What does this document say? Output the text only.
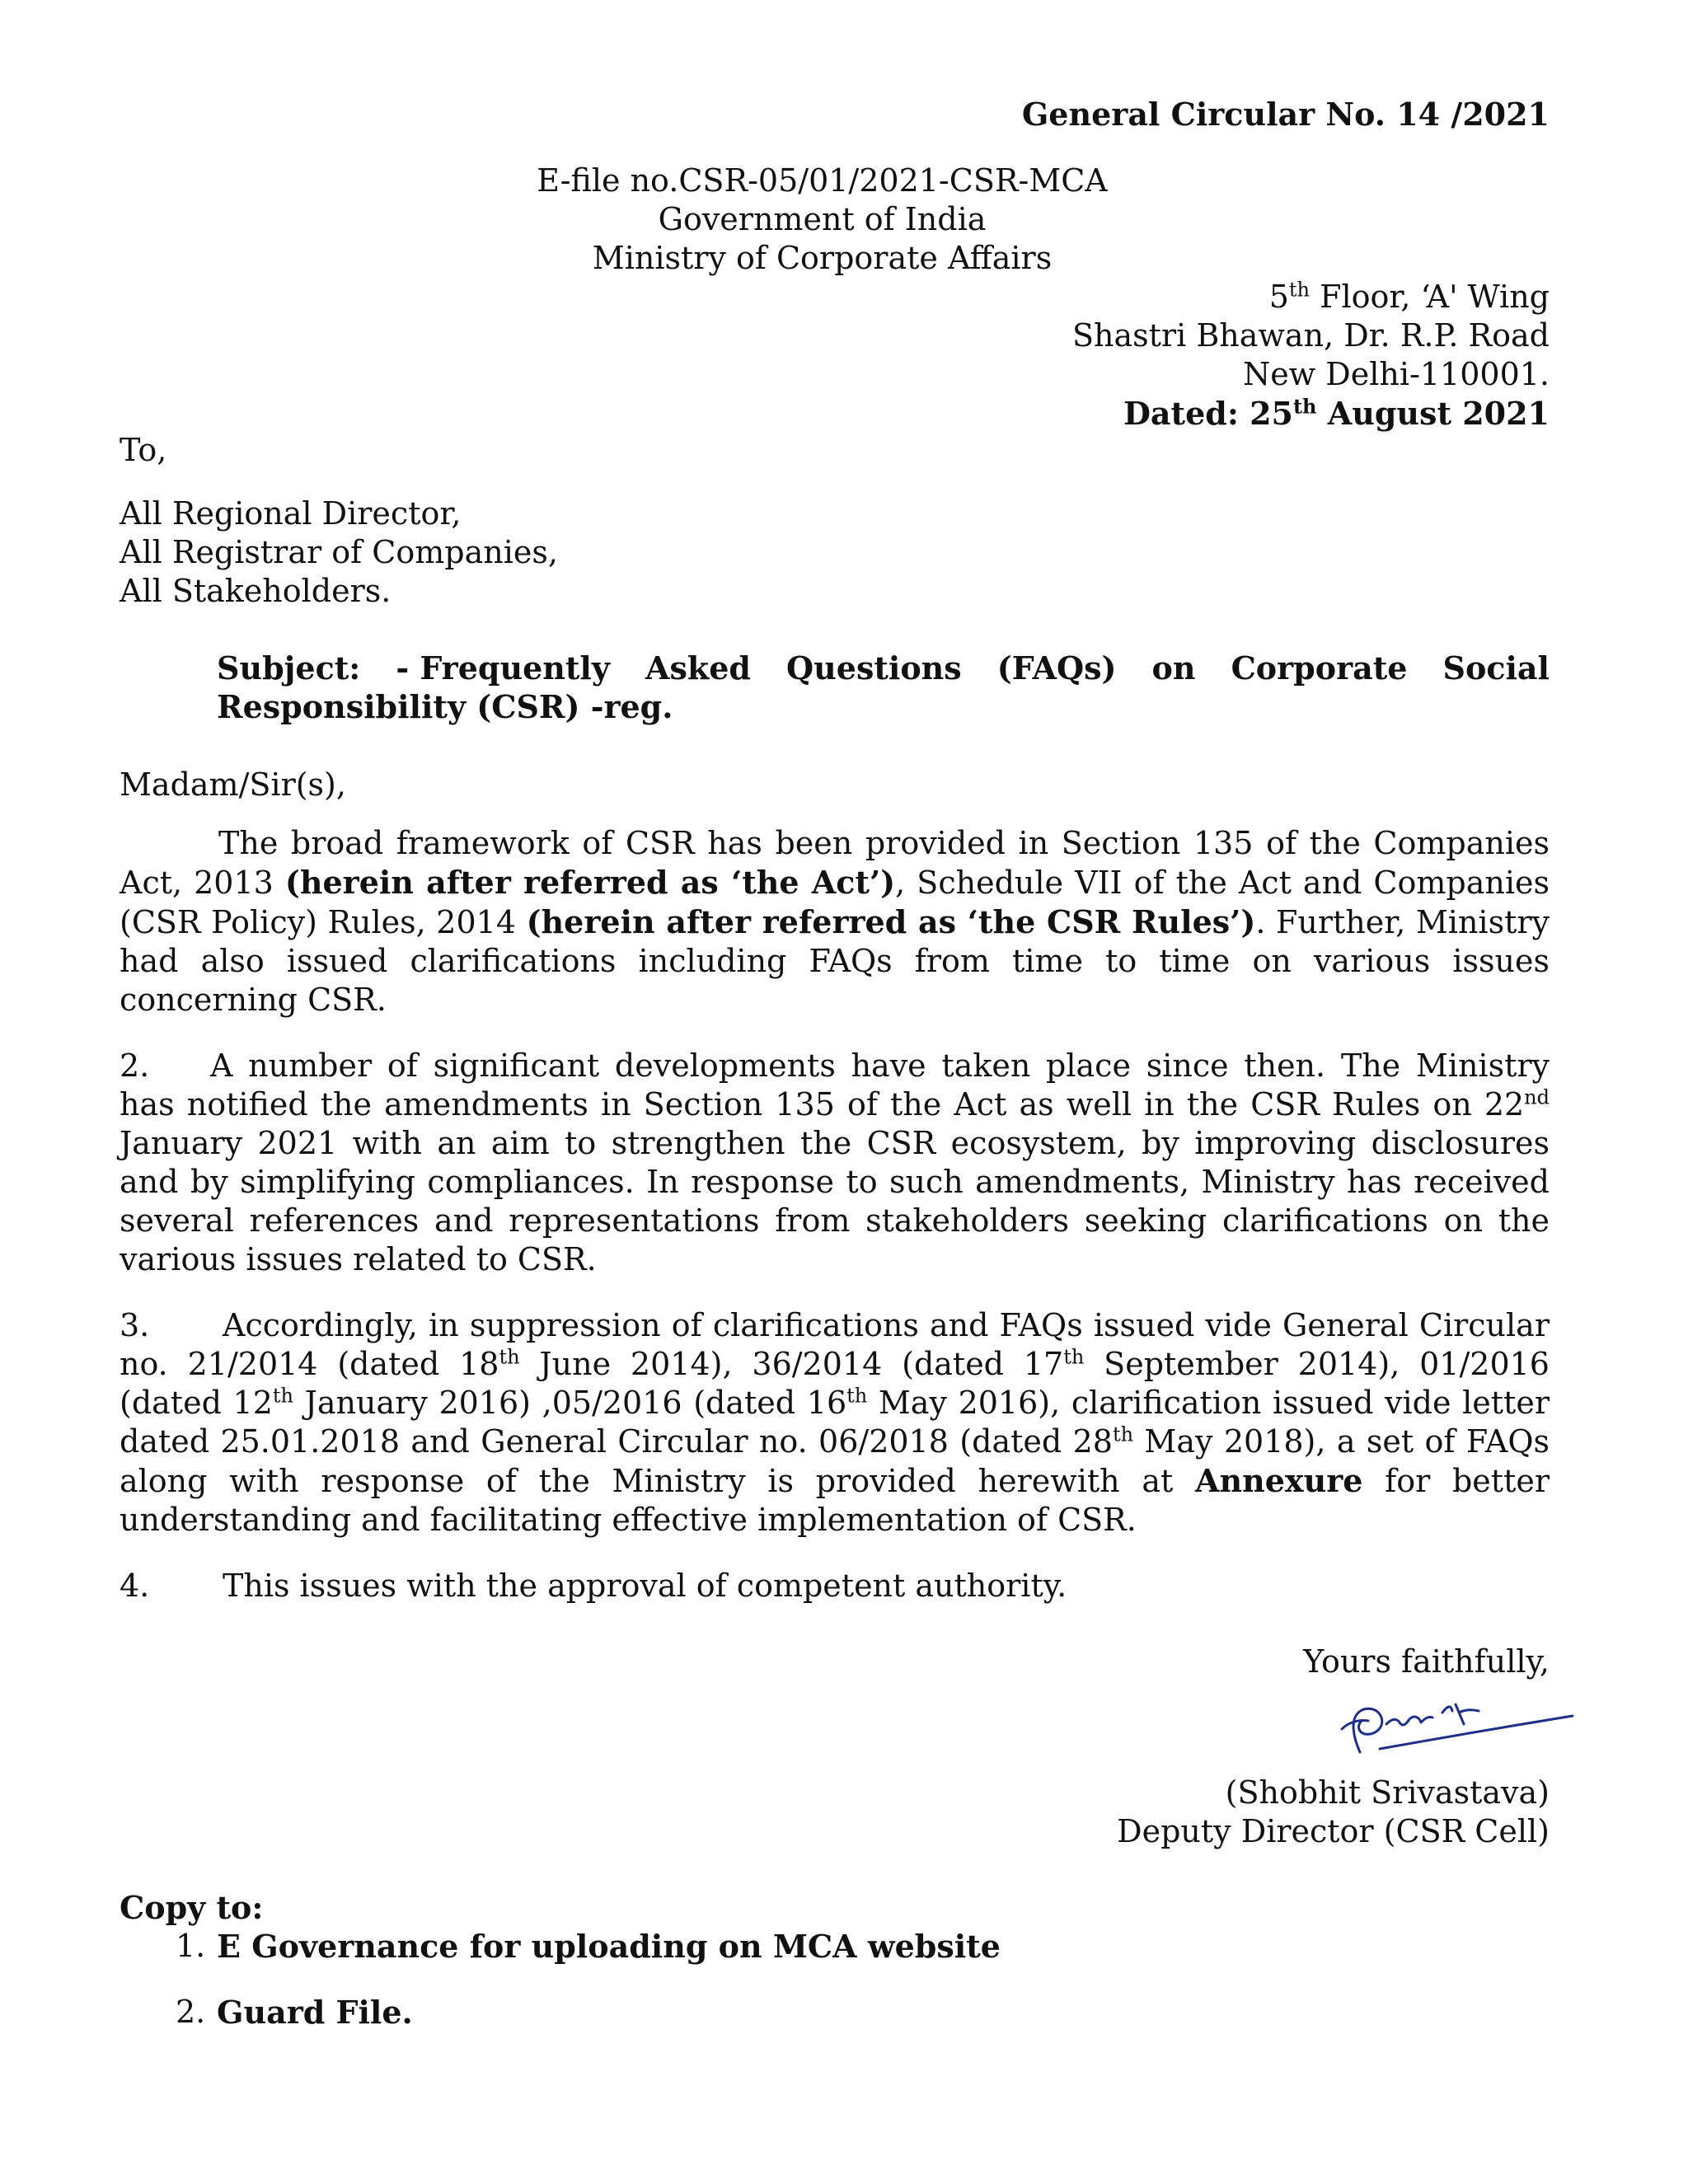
General Circular No. 14 /2021

E-file no.CSR-05/01/2021-CSR-MCA

Government of India

Ministry of Corporate Affairs

5th Floor, ‘A' Wing

Shastri Bhawan, Dr. R.P. Road

New Delhi-110001.

Dated: 25th August 2021

To,

All Regional Director,

All Registrar of Companies,

All Stakeholders.

Subject: - Frequently Asked Questions (FAQs) on Corporate Social

Responsibility (CSR) -reg.

Madam/Sir(s),

The broad framework of CSR has been provided in Section 135 of the Companies Act, 2013 (herein after referred as ‘the Act’), Schedule VII of the Act and Companies (CSR Policy) Rules, 2014 (herein after referred as ‘the CSR Rules’). Further, Ministry had also issued clarifications including FAQs from time to time on various issues concerning CSR.

2. A number of significant developments have taken place since then. The Ministry has notified the amendments in Section 135 of the Act as well in the CSR Rules on 22nd January 2021 with an aim to strengthen the CSR ecosystem, by improving disclosures and by simplifying compliances. In response to such amendments, Ministry has received several references and representations from stakeholders seeking clarifications on the various issues related to CSR.

3. Accordingly, in suppression of clarifications and FAQs issued vide General Circular no. 21/2014 (dated 18th June 2014), 36/2014 (dated 17th September 2014), 01/2016 (dated 12th January 2016) ,05/2016 (dated 16th May 2016), clarification issued vide letter dated 25.01.2018 and General Circular no. 06/2018 (dated 28th May 2018), a set of FAQs along with response of the Ministry is provided herewith at Annexure for better understanding and facilitating effective implementation of CSR.

4. This issues with the approval of competent authority.

Yours faithfully,

(Shobhit Srivastava)

Deputy Director (CSR Cell)

Copy to:

1. E Governance for uploading on MCA website
2. Guard File.
